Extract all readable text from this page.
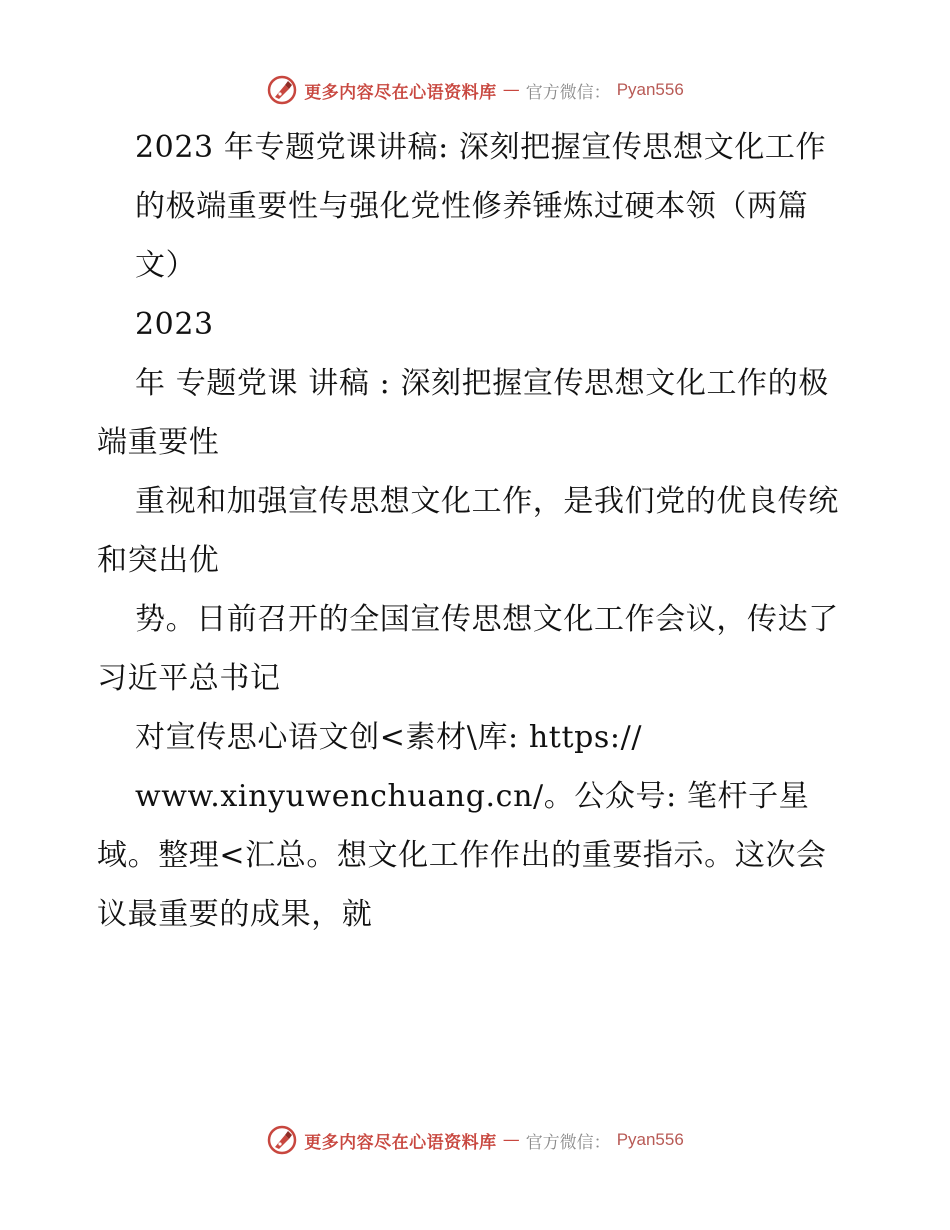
更多内容尽在心语资料库 — 官方微信： Pyan556

2023 年专题党课讲稿: 深刻把握宣传思想文化工作

的极端重要性与强化党性修养锤炼过硬本领（两篇

文）

2023

年 专题党课 讲稿 : 深刻把握宣传思想文化工作的极端重要性

重视和加强宣传思想文化工作，是我们党的优良传统和突出优

势。日前召开的全国宣传思想文化工作会议，传达了习近平总书记

对宣传思心语文创<素材\库: https://

www.xinyuwenchuang.cn/。公众号: 笔杆子星域。整理<汇总。想文化工作作出的重要指示。这次会议最重要的成果，就

更多内容尽在心语资料库 — 官方微信： Pyan556
